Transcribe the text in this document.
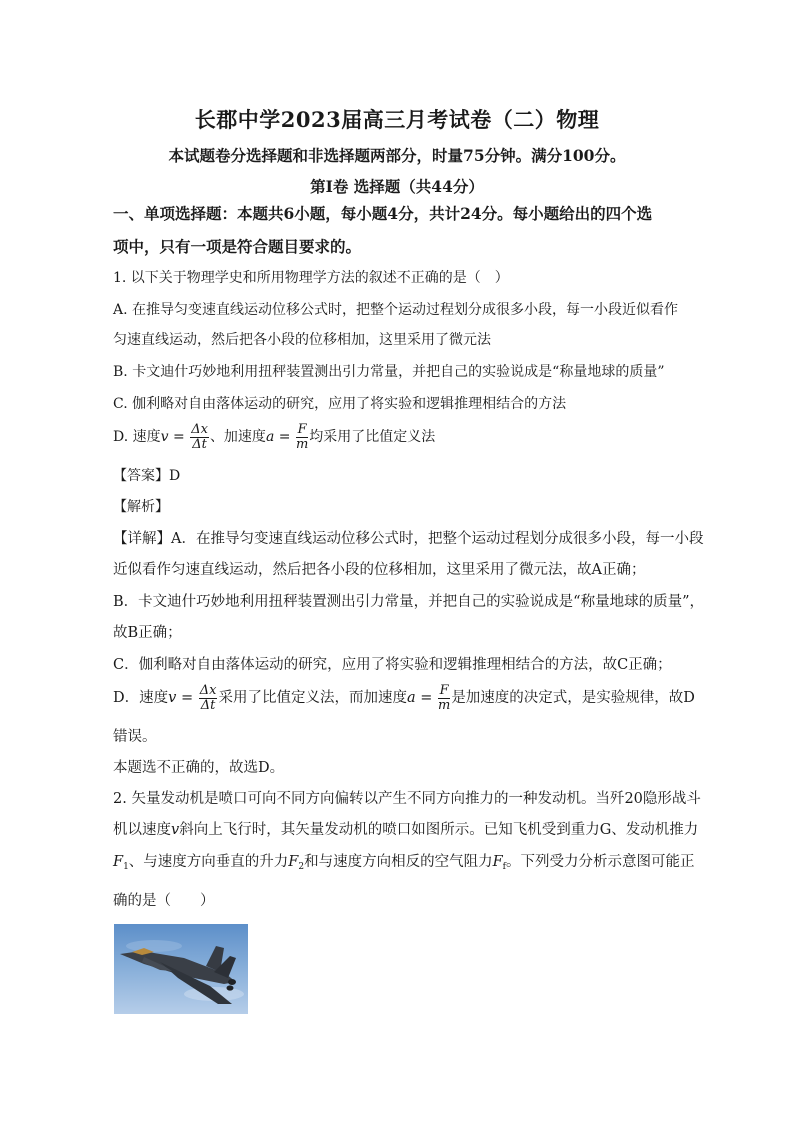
长郡中学2023届高三月考试卷（二）物理
本试题卷分选择题和非选择题两部分，时量75分钟。满分100分。
第Ⅰ卷 选择题（共44分）
一、单项选择题：本题共6小题，每小题4分，共计24分。每小题给出的四个选
项中，只有一项是符合题目要求的。
1. 以下关于物理学史和所用物理学方法的叙述不正确的是（　）
A. 在推导匀变速直线运动位移公式时，把整个运动过程划分成很多小段，每一小段近似看作
匀速直线运动，然后把各小段的位移相加，这里采用了微元法
B. 卡文迪什巧妙地利用扭秤装置测出引力常量，并把自己的实验说成是“称量地球的质量”
C. 伽利略对自由落体运动的研究，应用了将实验和逻辑推理相结合的方法
D. 速度$v = \frac{\Delta x}{\Delta t}$ 、加速度$a = \frac{F}{m}$ 均采用了比值定义法
【答案】D
【解析】
【详解】A．在推导匀变速直线运动位移公式时，把整个运动过程划分成很多小段，每一小段
近似看作匀速直线运动，然后把各小段的位移相加，这里采用了微元法，故A正确；
B．卡文迪什巧妙地利用扭秤装置测出引力常量，并把自己的实验说成是“称量地球的质量”，
故B正确；
C．伽利略对自由落体运动的研究，应用了将实验和逻辑推理相结合的方法，故C正确；
D．速度$v = \frac{\Delta x}{\Delta t}$ 采用了比值定义法，而加速度$a = \frac{F}{m}$ 是加速度的决定式，是实验规律，故D
错误。
本题选不正确的，故选D。
2. 矢量发动机是喷口可向不同方向偏转以产生不同方向推力的一种发动机。当歼20隐形战斗
机以速度v斜向上飞行时，其矢量发动机的喷口如图所示。已知飞机受到重力G、发动机推力
$F_1$、与速度方向垂直的升力$F_2$和与速度方向相反的空气阻力$F_f$。下列受力分析示意图可能正
确的是（　　）
